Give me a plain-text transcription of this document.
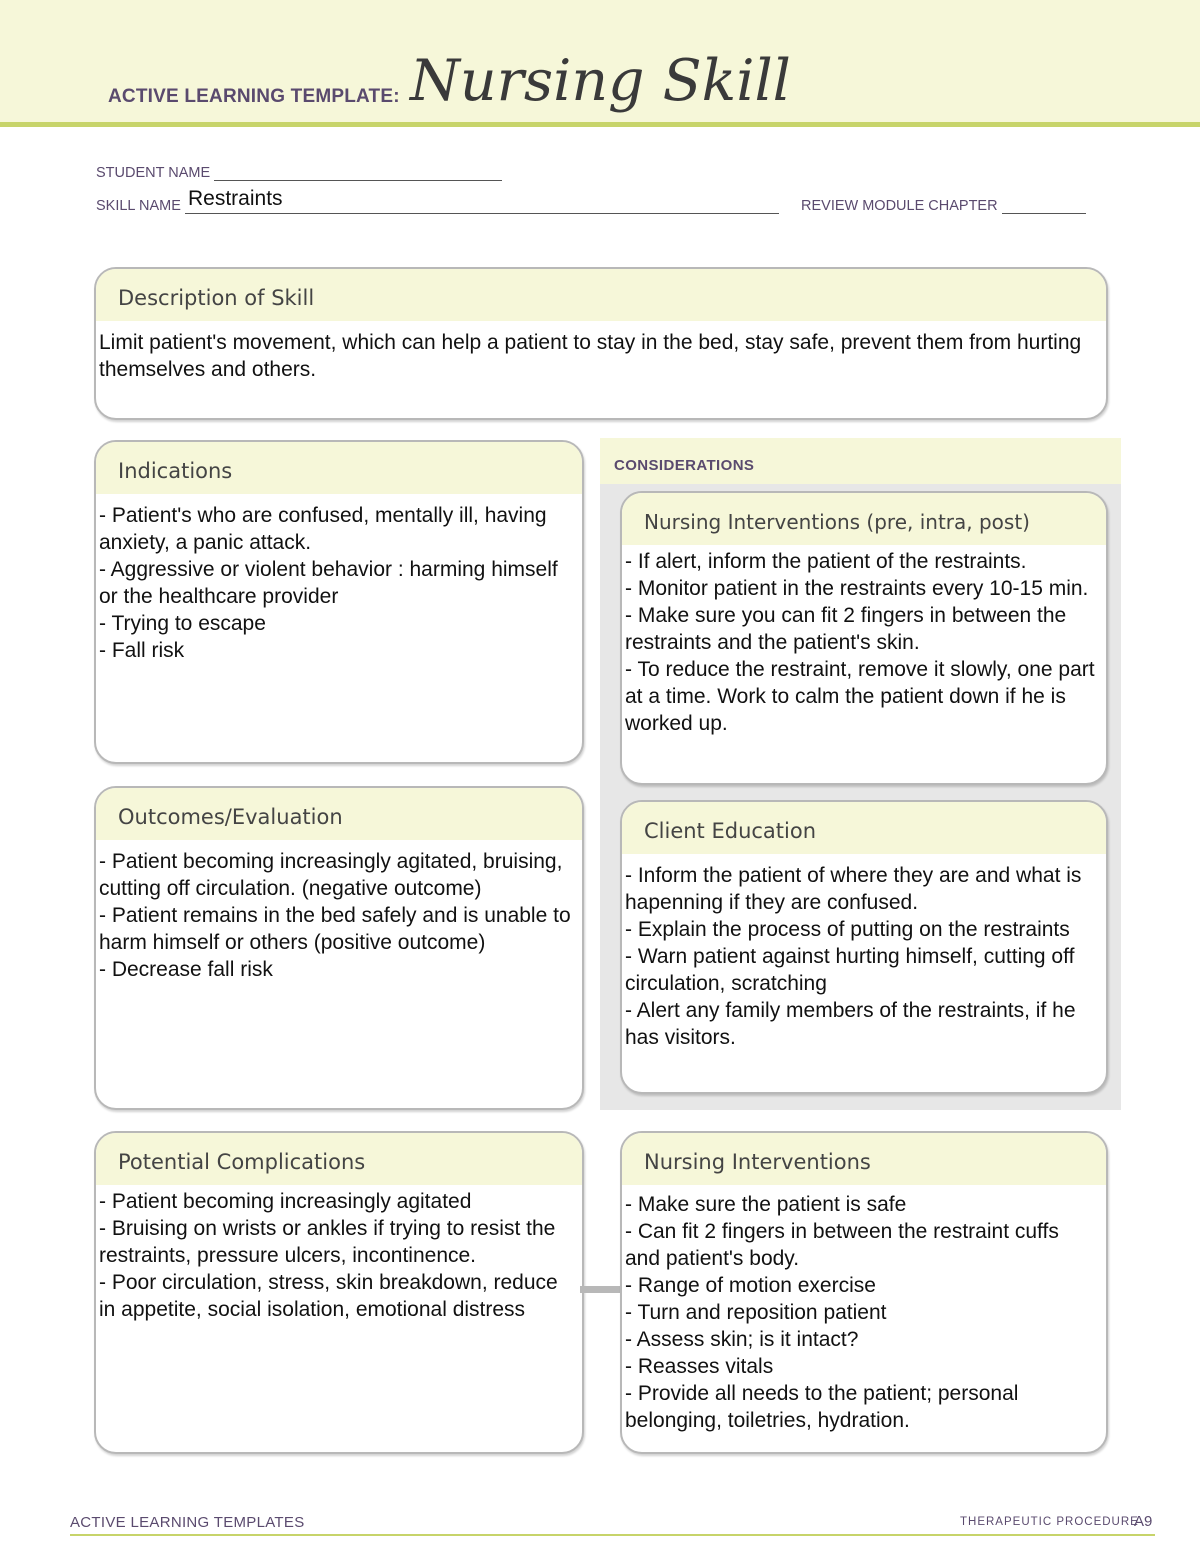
ACTIVE LEARNING TEMPLATE: Nursing Skill
STUDENT NAME
SKILL NAME Restraints	REVIEW MODULE CHAPTER
Description of Skill
Limit patient's movement, which can help a patient to stay in the bed, stay safe, prevent them from hurting themselves and others.
Indications
- Patient's who are confused, mentally ill, having anxiety, a panic attack.
- Aggressive or violent behavior : harming himself or the healthcare provider
- Trying to escape
- Fall risk
Outcomes/Evaluation
- Patient becoming increasingly agitated, bruising, cutting off circulation. (negative outcome)
- Patient remains in the bed safely and is unable to harm himself or others (positive outcome)
- Decrease fall risk
CONSIDERATIONS
Nursing Interventions (pre, intra, post)
- If alert, inform the patient of the restraints.
- Monitor patient in the restraints every 10-15 min.
- Make sure you can fit 2 fingers in between the restraints and the patient's skin.
- To reduce the restraint, remove it slowly, one part at a time. Work to calm the patient down if he is worked up.
Client Education
- Inform the patient of where they are and what is hapenning if they are confused.
- Explain the process of putting on the restraints
- Warn patient against hurting himself, cutting off circulation, scratching
- Alert any family members of the restraints, if he has visitors.
Potential Complications
- Patient becoming increasingly agitated
- Bruising on wrists or ankles if trying to resist the restraints, pressure ulcers, incontinence.
- Poor circulation, stress, skin breakdown, reduce in appetite, social isolation, emotional distress
Nursing Interventions
- Make sure the patient is safe
- Can fit 2 fingers in between the restraint cuffs and patient's body.
- Range of motion exercise
- Turn and reposition patient
- Assess skin; is it intact?
- Reasses vitals
- Provide all needs to the patient; personal belonging, toiletries, hydration.
ACTIVE LEARNING TEMPLATES	THERAPEUTIC PROCEDURE
A9
